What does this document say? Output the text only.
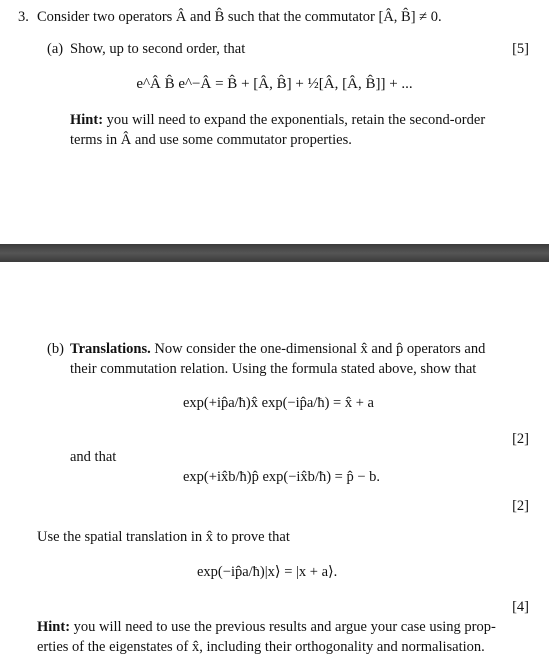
3. Consider two operators Â and B̂ such that the commutator [Â, B̂] ≠ 0.
(a) Show, up to second order, that	[5]
e^Â B̂ e^−Â = B̂ + [Â, B̂] + ½[Â, [Â, B̂]] + ...
Hint: you will need to expand the exponentials, retain the second-order
terms in Â and use some commutator properties.
(b) Translations. Now consider the one-dimensional x̂ and p̂ operators and
their commutation relation. Using the formula stated above, show that
exp(+ip̂a/ħ)x̂ exp(−ip̂a/ħ) = x̂ + a
[2]
and that
exp(+ix̂b/ħ)p̂ exp(−ix̂b/ħ) = p̂ − b.
[2]
Use the spatial translation in x̂ to prove that
exp(−ip̂a/ħ)|x⟩ = |x + a⟩.
[4]
Hint: you will need to use the previous results and argue your case using prop-
erties of the eigenstates of x̂, including their orthogonality and normalisation.
